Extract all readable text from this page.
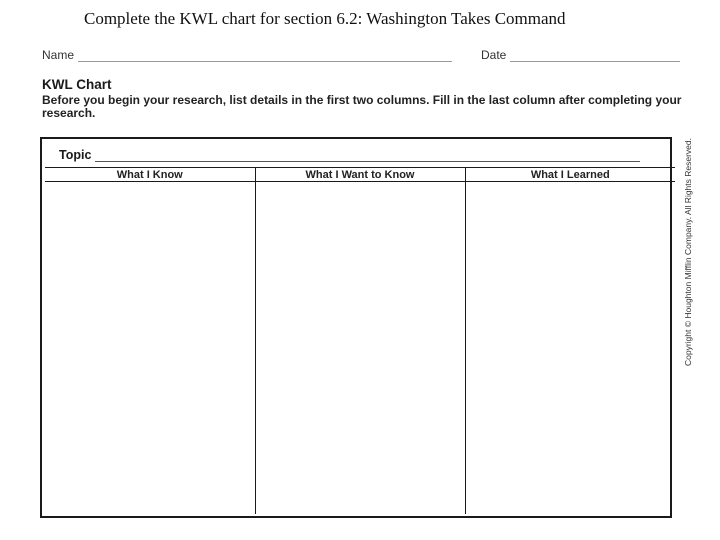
Complete the KWL chart for section 6.2: Washington Takes Command
Name	Date
KWL Chart
Before you begin your research, list details in the first two columns. Fill in the last column after completing your research.
Topic
What I Know	What I Want to Know	What I Learned
			Copyright © Houghton Mifflin Company. All Rights Reserved.
